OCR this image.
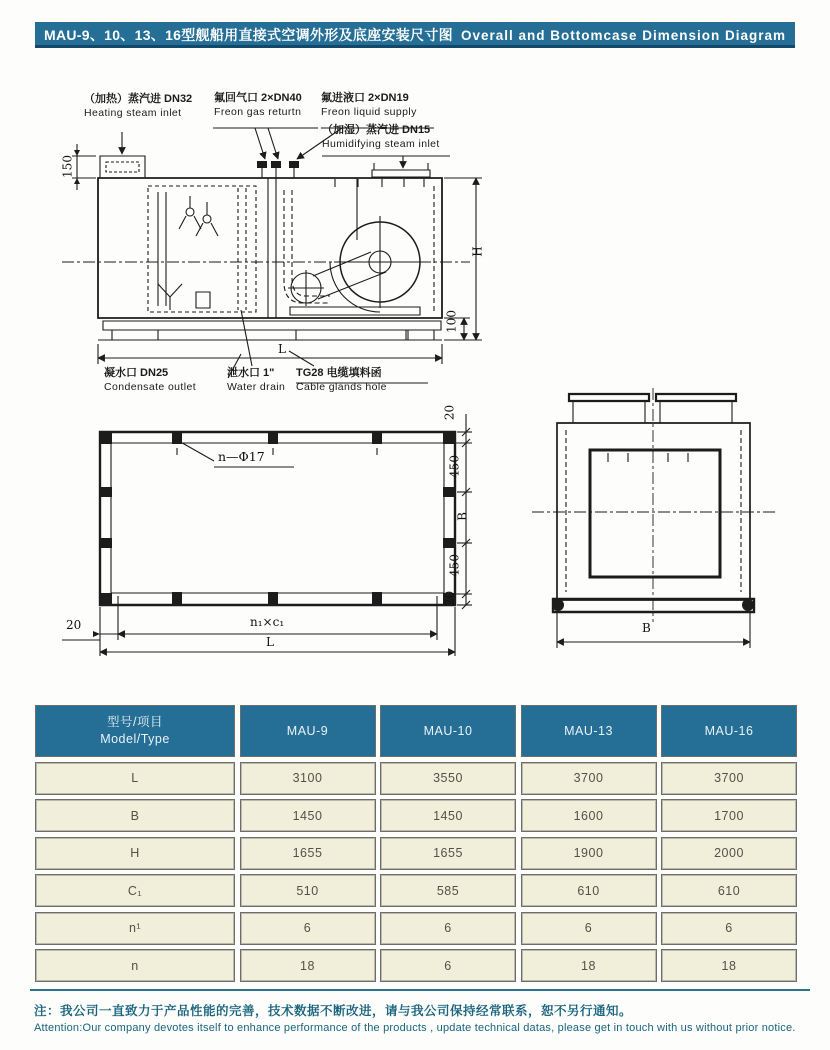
MAU-9、10、13、16型舰船用直接式空调外形及底座安装尺寸图 Overall and Bottomcase Dimension Diagram
（加热）蒸汽进 DN32
Heating steam inlet
氟回气口 2×DN40
Freon gas returtn
氟进液口 2×DN19
Freon liquid supply
（加湿）蒸汽进 DN15
Humidifying steam inlet
凝水口 DN25
Condensate outlet
泄水口 1"
Water drain
TG28 电缆填料函
Cable glands hole
150
H
100
L
n—Φ17
20
450
B
450
20
20	n₁×c₁
L
B
型号/项目
Model/Type
MAU-9	MAU-10	MAU-13	MAU-16
L	3100	3550	3700	3700
B	1450	1450	1600	1700
H	1655	1655	1900	2000
C₁	510	585	610	610
n¹	6	6	6	6
n	18	6	18	18
注：我公司一直致力于产品性能的完善，技术数据不断改进，请与我公司保持经常联系，恕不另行通知。
Attention:Our company devotes itself to enhance performance of the products , update technical datas, please get in touch with us without prior notice.
